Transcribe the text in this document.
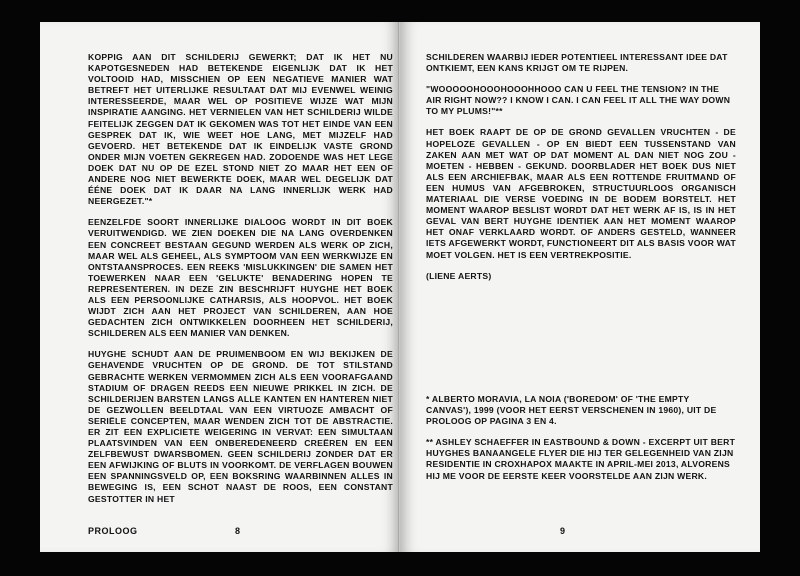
KOPPIG AAN DIT SCHILDERIJ GEWERKT; DAT IK HET NU KAPOTGESNEDEN HAD BETEKENDE EIGENLIJK DAT IK HET VOLTOOID HAD, MISSCHIEN OP EEN NEGATIEVE MANIER WAT BETREFT HET UITERLIJKE RESULTAAT DAT MIJ EVENWEL WEINIG INTERESSEERDE, MAAR WEL OP POSITIEVE WIJZE WAT MIJN INSPIRATIE AANGING. HET VERNIELEN VAN HET SCHILDERIJ WILDE FEITELIJK ZEGGEN DAT IK GEKOMEN WAS TOT HET EINDE VAN EEN GESPREK DAT IK, WIE WEET HOE LANG, MET MIJZELF HAD GEVOERD. HET BETEKENDE DAT IK EINDELIJK VASTE GROND ONDER MIJN VOETEN GEKREGEN HAD. ZODOENDE WAS HET LEGE DOEK DAT NU OP DE EZEL STOND NIET ZO MAAR HET EEN OF ANDERE NOG NIET BEWERKTE DOEK, MAAR WEL DEGELIJK DAT ÉÉNE DOEK DAT IK DAAR NA LANG INNERLIJK WERK HAD NEERGEZET."*

EENZELFDE SOORT INNERLIJKE DIALOOG WORDT IN DIT BOEK VERUITWENDIGD. WE ZIEN DOEKEN DIE NA LANG OVERDENKEN EEN CONCREET BESTAAN GEGUND WERDEN ALS WERK OP ZICH, MAAR WEL ALS GEHEEL, ALS SYMPTOOM VAN EEN WERKWIJZE EN ONTSTAANSPROCES. EEN REEKS 'MISLUKKINGEN' DIE SAMEN HET TOEWERKEN NAAR EEN 'GELUKTE' BENADERING HOPEN TE REPRESENTEREN. IN DEZE ZIN BESCHRIJFT HUYGHE HET BOEK ALS EEN PERSOONLIJKE CATHARSIS, ALS HOOPVOL. HET BOEK WIJDT ZICH AAN HET PROJECT VAN SCHILDEREN, AAN HOE GEDACHTEN ZICH ONTWIKKELEN DOORHEEN HET SCHILDERIJ, SCHILDEREN ALS EEN MANIER VAN DENKEN.

HUYGHE SCHUDT AAN DE PRUIMENBOOM EN WIJ BEKIJKEN DE GEHAVENDE VRUCHTEN OP DE GROND. DE TOT STILSTAND GEBRACHTE WERKEN VERMOMMEN ZICH ALS EEN VOORAFGAAND STADIUM OF DRAGEN REEDS EEN NIEUWE PRIKKEL IN ZICH. DE SCHILDERIJEN BARSTEN LANGS ALLE KANTEN EN HANTEREN NIET DE GEZWOLLEN BEELDTAAL VAN EEN VIRTUOZE AMBACHT OF SERIËLE CONCEPTEN, MAAR WENDEN ZICH TOT DE ABSTRACTIE. ER ZIT EEN EXPLICIETE WEIGERING IN VERVAT: EEN SIMULTAAN PLAATSVINDEN VAN EEN ONBEREDENEERD CREËREN EN EEN ZELFBEWUST DWARSBOMEN. GEEN SCHILDERIJ ZONDER DAT ER EEN AFWIJKING OF BLUTS IN VOORKOMT. DE VERFLAGEN BOUWEN EEN SPANNINGSVELD OP, EEN BOKSRING WAARBINNEN ALLES IN BEWEGING IS, EEN SCHOT NAAST DE ROOS, EEN CONSTANT GESTOTTER IN HET

PROLOOG	8

SCHILDEREN WAARBIJ IEDER POTENTIEEL INTERESSANT IDEE DAT ONTKIEMT, EEN KANS KRIJGT OM TE RIJPEN.

"WOOOOOHOOOHOOOHHOOO CAN U FEEL THE TENSION? IN THE AIR RIGHT NOW?? I KNOW I CAN. I CAN FEEL IT ALL THE WAY DOWN TO MY PLUMS!"**

HET BOEK RAAPT DE OP DE GROND GEVALLEN VRUCHTEN - DE HOPELOZE GEVALLEN - OP EN BIEDT EEN TUSSENSTAND VAN ZAKEN AAN MET WAT OP DAT MOMENT AL DAN NIET NOG ZOU - MOETEN - HEBBEN - GEKUND. DOORBLADER HET BOEK DUS NIET ALS EEN ARCHIEFBAK, MAAR ALS EEN ROTTENDE FRUITMAND OF EEN HUMUS VAN AFGEBROKEN, STRUCTUURLOOS ORGANISCH MATERIAAL DIE VERSE VOEDING IN DE BODEM BORSTELT. HET MOMENT WAAROP BESLIST WORDT DAT HET WERK AF IS, IS IN HET GEVAL VAN BERT HUYGHE IDENTIEK AAN HET MOMENT WAAROP HET ONAF VERKLAARD WORDT. OF ANDERS GESTELD, WANNEER IETS AFGEWERKT WORDT, FUNCTIONEERT DIT ALS BASIS VOOR WAT MOET VOLGEN. HET IS EEN VERTREKPOSITIE.

(LIENE AERTS)

* ALBERTO MORAVIA, LA NOIA ('BOREDOM' OF 'THE EMPTY CANVAS'), 1999 (VOOR HET EERST VERSCHENEN IN 1960), UIT DE PROLOOG OP PAGINA 3 EN 4.

** ASHLEY SCHAEFFER IN EASTBOUND & DOWN - EXCERPT UIT BERT HUYGHES BANAANGELE FLYER DIE HIJ TER GELEGENHEID VAN ZIJN RESIDENTIE IN CROXHAPOX MAAKTE IN APRIL-MEI 2013, ALVORENS HIJ ME VOOR DE EERSTE KEER VOORSTELDE AAN ZIJN WERK.

9
